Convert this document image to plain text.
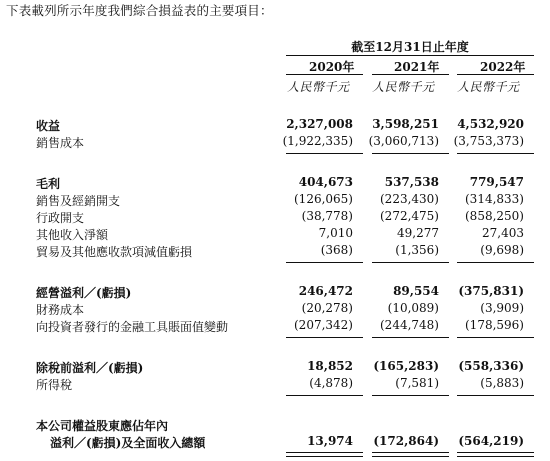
下表載列所示年度我們綜合損益表的主要項目：
截至12月31日止年度
2020年	2021年	2022年
人民幣千元 人民幣千元 人民幣千元
收益	2,327,008 3,598,251 4,532,920
銷售成本	(1,922,335) (3,060,713) (3,753,373)
毛利	404,673	537,538	779,547
銷售及經銷開支	(126,065) (223,430) (314,833)
行政開支	(38,778) (272,475) (858,250)
其他收入淨額	7,010	49,277	27,403
貿易及其他應收款項減值虧損	(368)	(1,356)	(9,698)
經營溢利／(虧損)	246,472	89,554 (375,831)
財務成本	(20,278)	(10,089)	(3,909)
向投資者發行的金融工具賬面值變動	(207,342) (244,748) (178,596)
除稅前溢利／(虧損)	18,852 (165,283) (558,336)
所得稅	(4,878)	(7,581)	(5,883)
本公司權益股東應佔年內
溢利／(虧損)及全面收入總額	13,974 (172,864) (564,219)
